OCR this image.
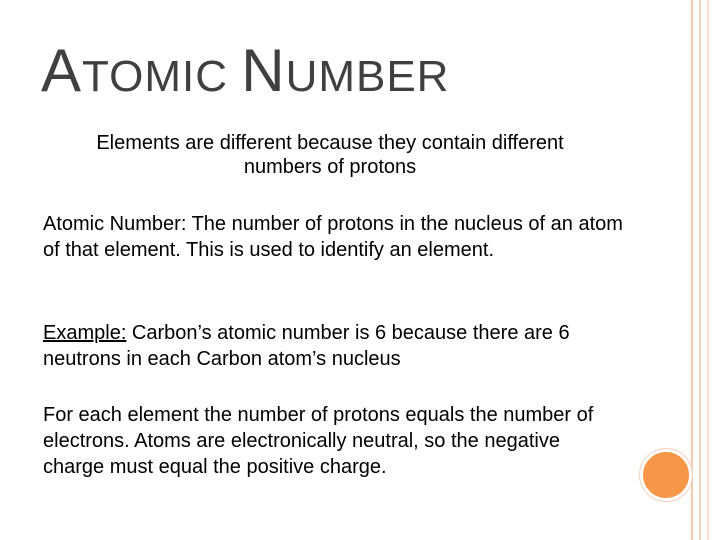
ATOMIC NUMBER
Elements are different because they contain different numbers of protons
Atomic Number: The number of protons in the nucleus of an atom of that element. This is used to identify an element.
Example: Carbon’s atomic number is 6 because there are 6 neutrons in each Carbon atom’s nucleus
For each element the number of protons equals the number of electrons. Atoms are electronically neutral, so the negative charge must equal the positive charge.
